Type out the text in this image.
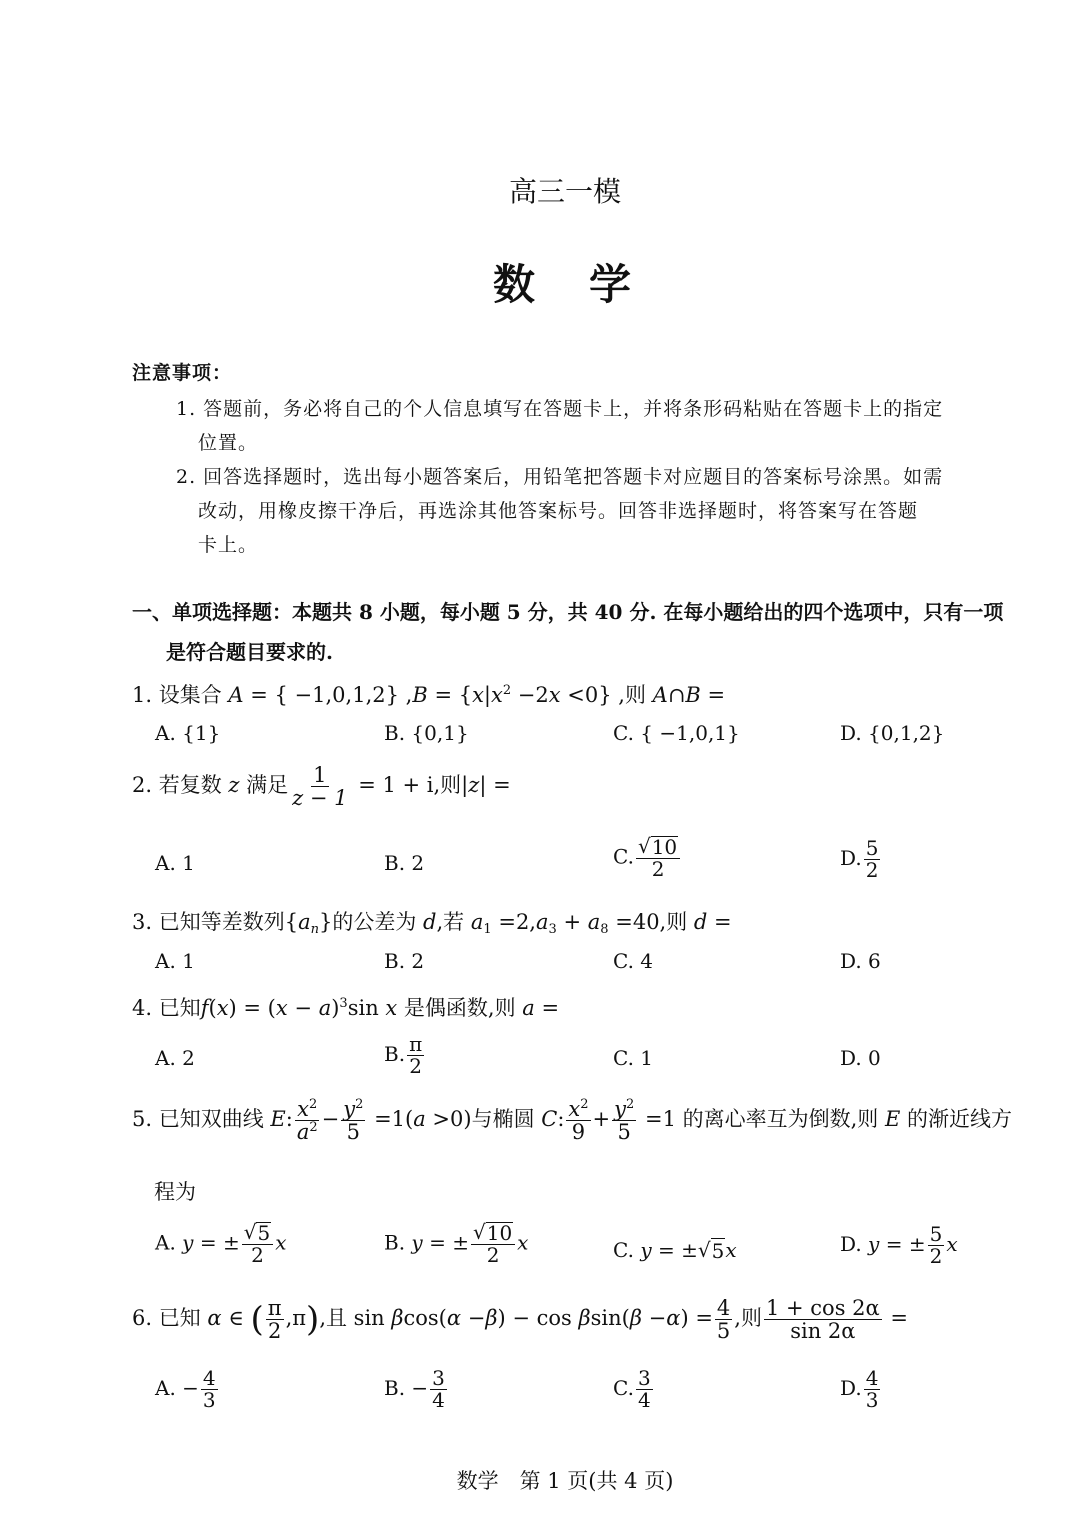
高三一模
数　学
注意事项：
1. 答题前，务必将自己的个人信息填写在答题卡上，并将条形码粘贴在答题卡上的指定
位置。
2. 回答选择题时，选出每小题答案后，用铅笔把答题卡对应题目的答案标号涂黑。如需
改动，用橡皮擦干净后，再选涂其他答案标号。回答非选择题时，将答案写在答题
卡上。
一、单项选择题：本题共 8 小题，每小题 5 分，共 40 分. 在每小题给出的四个选项中，只有一项
是符合题目要求的.
1. 设集合 A = { −1,0,1,2} $,B = \{x|x^2 -2x <0\}$ ,则 A∩B =
A. {1}	B. {0,1}	C. { −1,0,1}	D. {0,1,2}
2. 若复数 z 满足 $\frac{1}{z - 1} = 1 + i$,则|z| =
A. 1	B. 2	C. $\frac{√ 10}{2}$	D. $\frac{5}{2}$
3. 已知等差数列$\{a_n\}$的公差为 d,若 $a_1 =2,a_3 + a_8 =40$,则 d =
A. 1	B. 2	C. 4	D. 6
4. 已知$f(x) = (x - a)^3\sin$ x 是偶函数,则 a =
A. 2	B. $\frac{\pi}{2}$	C. 1	D. 0
5. 已知双曲线 E: $\frac{x^2}{a^2} - \frac{y^2}{5} =1(a >0)$与椭圆 C: $\frac{x^2}{9} + \frac{y^2}{5} =1$ 的离心率互为倒数,则 E 的渐近线方
程为
A. y = ± $\frac{√ 5}{2}$ x	B. y = ± $\frac{√ 10}{2}$ x	C. y = ± √ 5 x	D. y = ± $\frac{5}{2}$ x
6. 已知 α ∈ ( $\frac{\pi}{2} ,\pi$),且 $\sin \beta\cos(\alpha -\beta) - \cos \beta\sin(\beta -\alpha) = \frac{4}{5}$ ,则 $\frac{1 + \cos 2\alpha}{\sin 2\alpha}$ =
A. − $\frac{4}{3}$	B. − $\frac{3}{4}$	C. $\frac{3}{4}$	D. $\frac{4}{3}$
数学　第 1 页(共 4 页)
